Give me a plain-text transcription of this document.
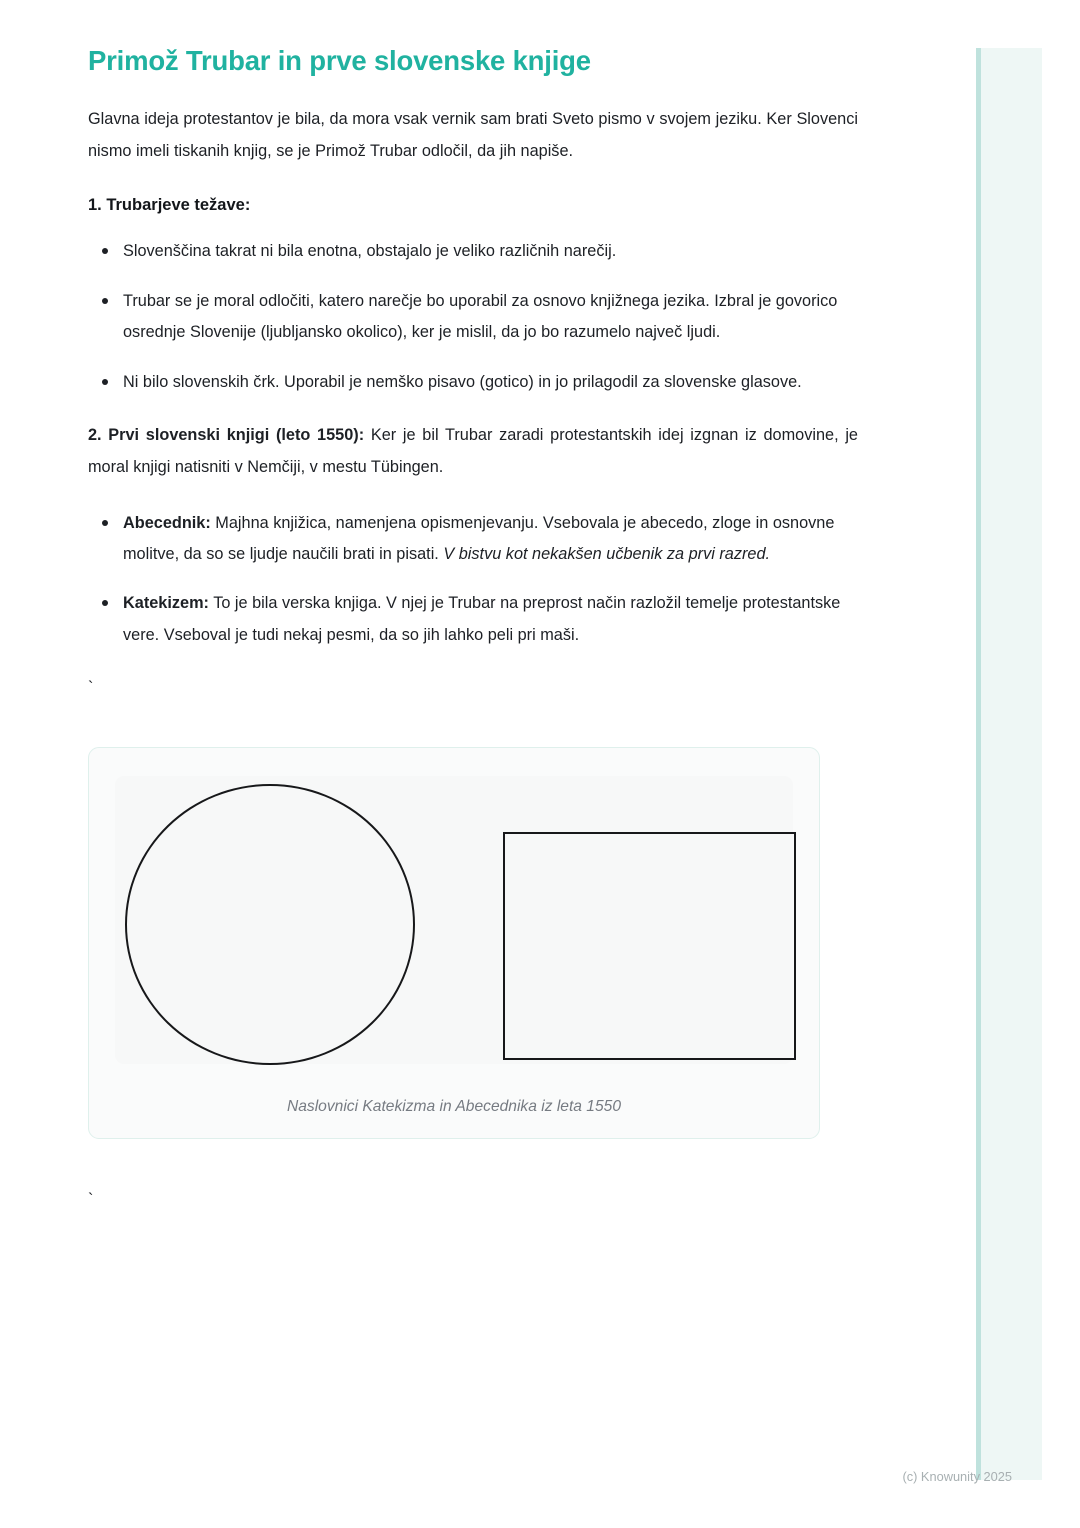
Primož Trubar in prve slovenske knjige

Glavna ideja protestantov je bila, da mora vsak vernik sam brati Sveto pismo v svojem jeziku. Ker Slovenci nismo imeli tiskanih knjig, se je Primož Trubar odločil, da jih napiše.

1. Trubarjeve težave:
Slovenščina takrat ni bila enotna, obstajalo je veliko različnih narečij.
Trubar se je moral odločiti, katero narečje bo uporabil za osnovo knjižnega jezika. Izbral je govorico osrednje Slovenije (ljubljansko okolico), ker je mislil, da jo bo razumelo največ ljudi.
Ni bilo slovenskih črk. Uporabil je nemško pisavo (gotico) in jo prilagodil za slovenske glasove.

2. Prvi slovenski knjigi (leto 1550): Ker je bil Trubar zaradi protestantskih idej izgnan iz domovine, je moral knjigi natisniti v Nemčiji, v mestu Tübingen.

Abecednik: Majhna knjižica, namenjena opismenjevanju. Vsebovala je abecedo, zloge in osnovne molitve, da so se ljudje naučili brati in pisati. V bistvu kot nekakšen učbenik za prvi razred.
Katekizem: To je bila verska knjiga. V njej je Trubar na preprost način razložil temelje protestantske vere. Vseboval je tudi nekaj pesmi, da so jih lahko peli pri maši.

`

Naslovnici Katekizma in Abecednika iz leta 1550

`

(c) Knowunity 2025
